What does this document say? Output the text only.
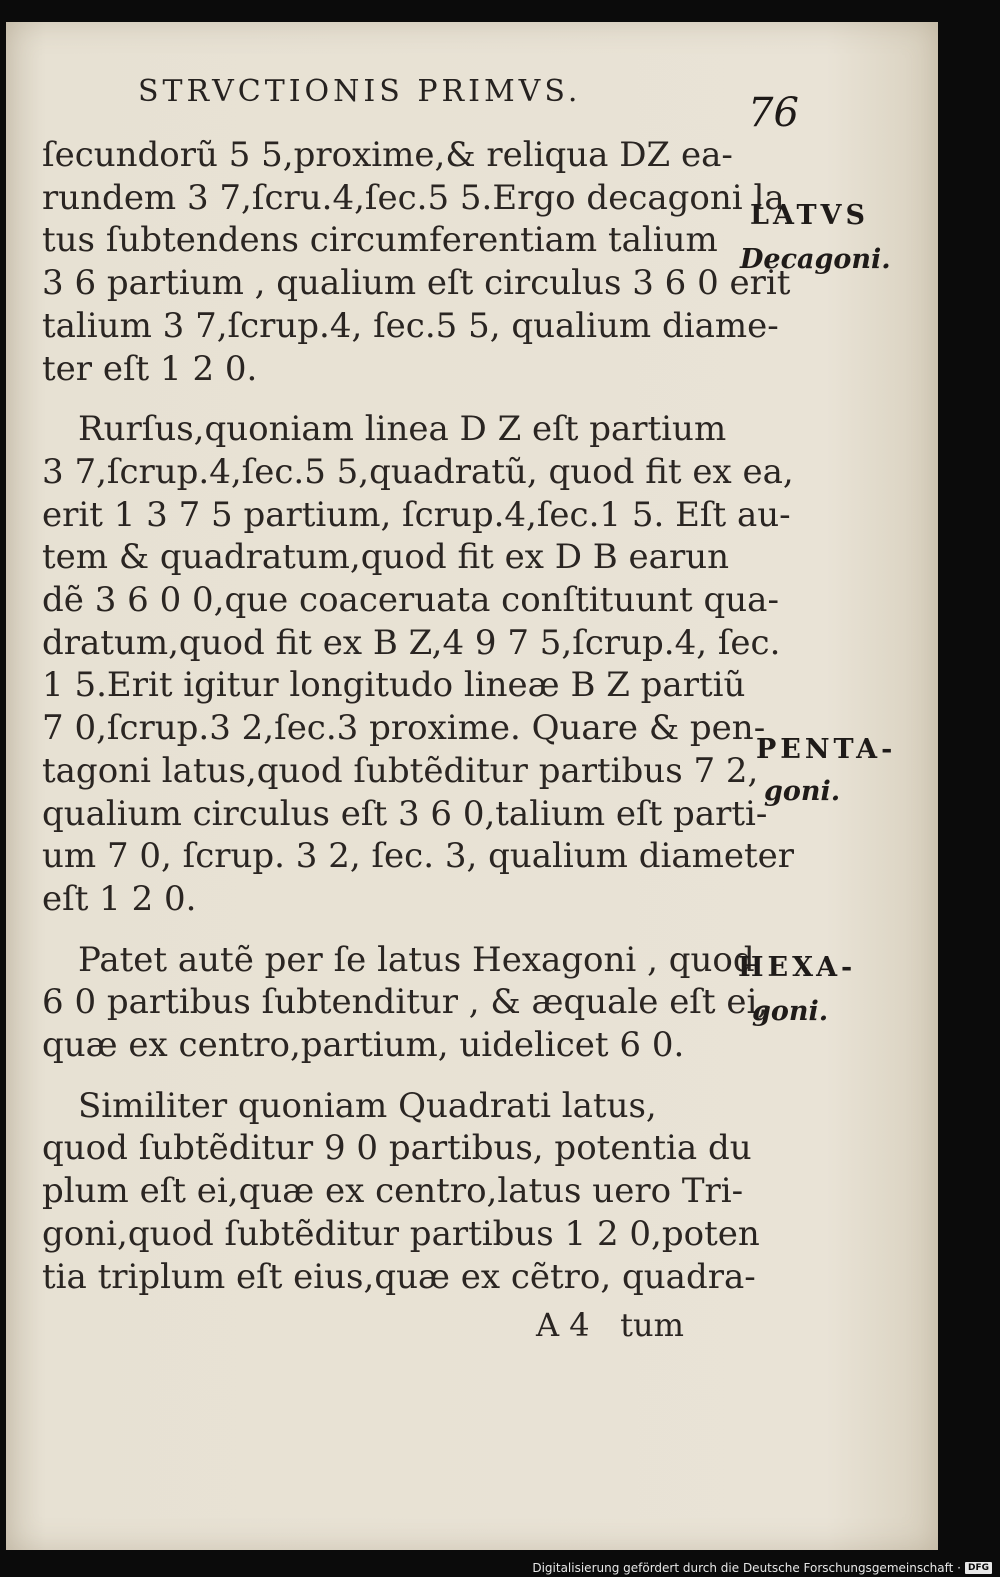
STRVCTIONIS PRIMVS.	76
ſecundorũ 5 5,proxime,& reliqua DZ ea-
rundem 3 7,ſcru.4,ſec.5 5.Ergo decagoni la
tus ſubtendens circumferentiam talium
3 6 partium , qualium eſt circulus 3 6 0 erit
talium 3 7,ſcrup.4, ſec.5 5, qualium diame-
ter eſt 1 2 0.
Rurſus,quoniam linea D Z eſt partium
3 7,ſcrup.4,ſec.5 5,quadratũ, quod fit ex ea,
erit 1 3 7 5 partium, ſcrup.4,ſec.1 5. Eſt au-
tem & quadratum,quod fit ex D B earun
dẽ 3 6 0 0,que coaceruata conſtituunt qua-
dratum,quod fit ex B Z,4 9 7 5,ſcrup.4, ſec.
1 5.Erit igitur longitudo lineæ B Z partiũ
7 0,ſcrup.3 2,ſec.3 proxime. Quare & pen-
tagoni latus,quod ſubtẽditur partibus 7 2,
qualium circulus eſt 3 6 0,talium eſt parti-
um 7 0, ſcrup. 3 2, ſec. 3, qualium diameter
eſt 1 2 0.
Patet autẽ per ſe latus Hexagoni , quod
6 0 partibus ſubtenditur , & æquale eſt ei,
quæ ex centro,partium, uidelicet 6 0.
Similiter quoniam Quadrati latus,
quod ſubtẽditur 9 0 partibus, potentia du
plum eſt ei,quæ ex centro,latus uero Tri-
goni,quod ſubtẽditur partibus 1 2 0,poten
tia triplum eſt eius,quæ ex cẽtro, quadra-
LATVS
Decagoni.
PENTA-
goni.
HEXA-
goni.
A 4   tum
Digitalisierung gefördert durch die Deutsche Forschungsgemeinschaft · DFG
